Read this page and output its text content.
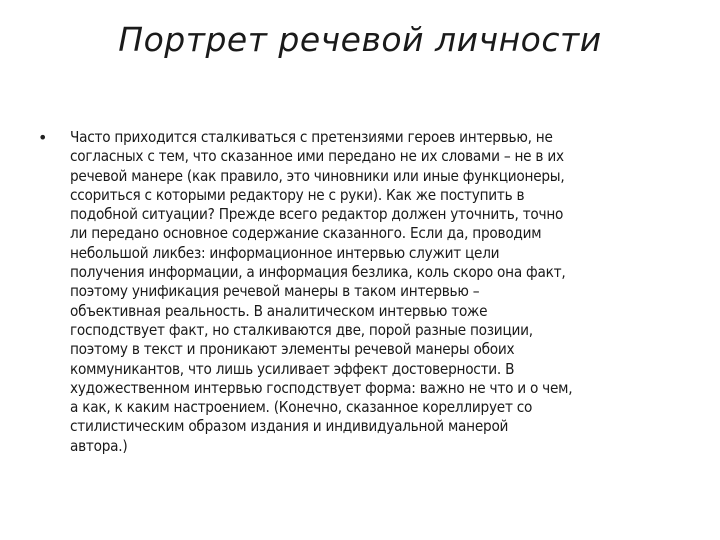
Портрет речевой личности
• Часто приходится сталкиваться с претензиями героев интервью, не
согласных с тем, что сказанное ими передано не их словами – не в их
речевой манере (как правило, это чиновники или иные функционеры,
ссориться с которыми редактору не с руки). Как же поступить в
подобной ситуации? Прежде всего редактор должен уточнить, точно
ли передано основное содержание сказанного. Если да, проводим
небольшой ликбез: информационное интервью служит цели
получения информации, а информация безлика, коль скоро она факт,
поэтому унификация речевой манеры в таком интервью –
объективная реальность. В аналитическом интервью тоже
господствует факт, но сталкиваются две, порой разные позиции,
поэтому в текст и проникают элементы речевой манеры обоих
коммуникантов, что лишь усиливает эффект достоверности. В
художественном интервью господствует форма: важно не что и о чем,
а как, к каким настроением. (Конечно, сказанное кореллирует со
стилистическим образом издания и индивидуальной манерой
автора.)
